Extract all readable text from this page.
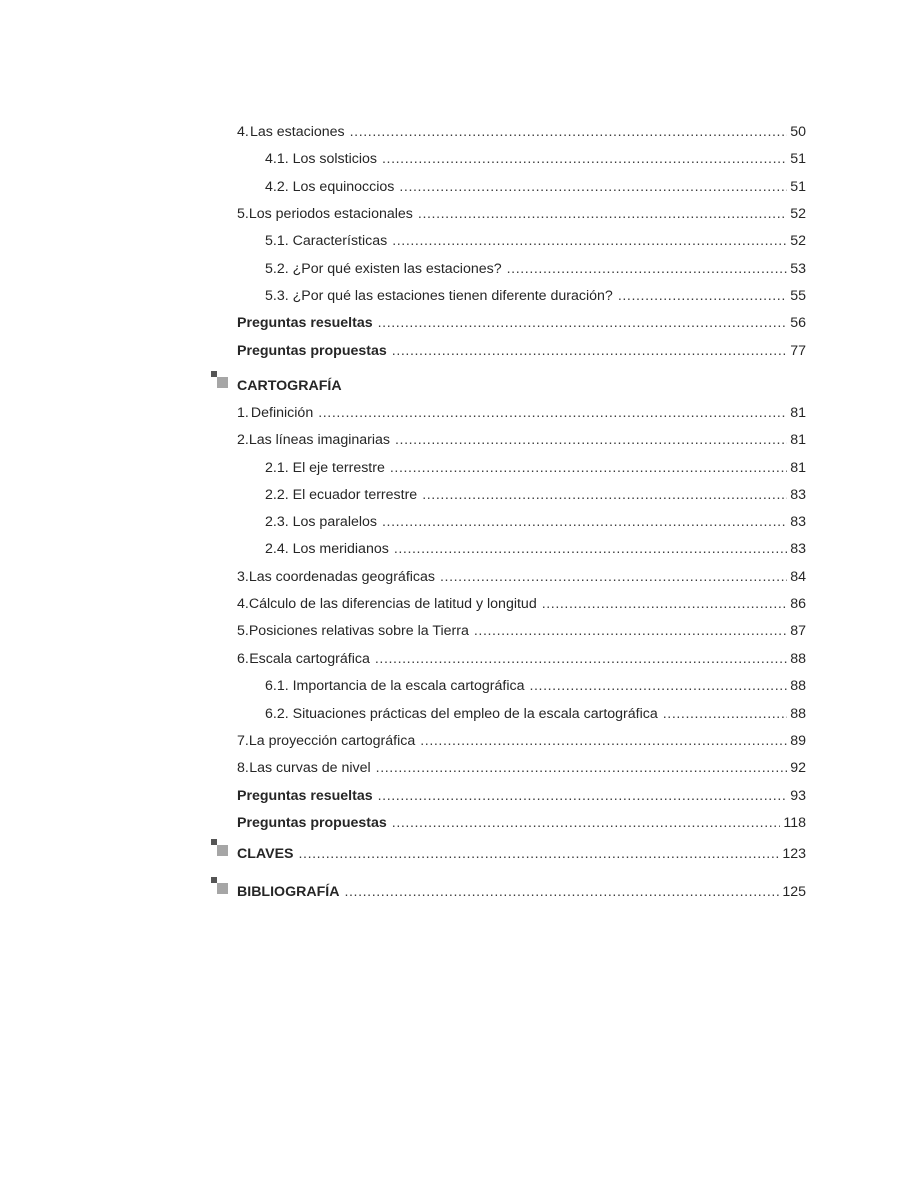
4. Las estaciones .....	50
4.1. Los solsticios .....	51
4.2. Los equinoccios .....	51
5. Los periodos estacionales .....	52
5.1. Características .....	52
5.2. ¿Por qué existen las estaciones? .....	53
5.3. ¿Por qué las estaciones tienen diferente duración? .....	55
Preguntas resueltas .....	56
Preguntas propuestas .....	77
CARTOGRAFÍA
1. Definición .....	81
2. Las líneas imaginarias .....	81
2.1. El eje terrestre .....	81
2.2. El ecuador terrestre .....	83
2.3. Los paralelos .....	83
2.4. Los meridianos .....	83
3. Las coordenadas geográficas .....	84
4. Cálculo de las diferencias de latitud y longitud .....	86
5. Posiciones relativas sobre la Tierra .....	87
6. Escala cartográfica .....	88
6.1. Importancia de la escala cartográfica .....	88
6.2. Situaciones prácticas del empleo de la escala cartográfica .....	88
7. La proyección cartográfica .....	89
8. Las curvas de nivel .....	92
Preguntas resueltas .....	93
Preguntas propuestas .....	118
CLAVES .....	123
BIBLIOGRAFÍA .....	125
